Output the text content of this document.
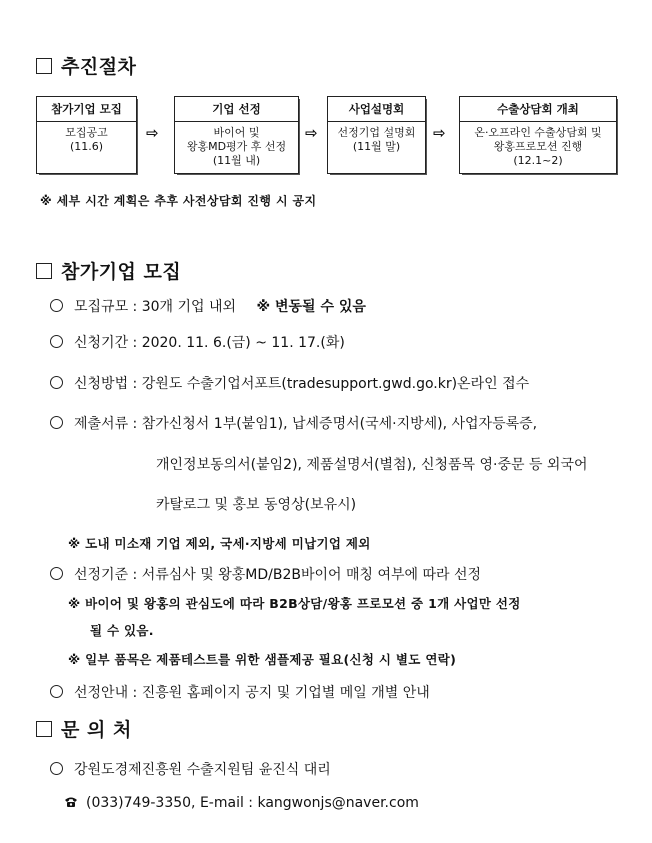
추진절차
참가기업 모집
모집공고
(11.6)
⇨
기업 선정
바이어 및
왕홍MD평가 후 선정
(11월 내)
⇨
사업설명회
선정기업 설명회
(11월 말)
⇨
수출상담회 개최
온·오프라인 수출상담회 및
왕홍프로모션 진행
(12.1~2)
※ 세부 시간 계획은 추후 사전상담회 진행 시 공지
참가기업 모집
모집규모 : 30개 기업 내외 ※ 변동될 수 있음
신청기간 : 2020. 11. 6.(금) ~ 11. 17.(화)
신청방법 : 강원도 수출기업서포트(tradesupport.gwd.go.kr)온라인 접수
제출서류 : 참가신청서 1부(붙임1), 납세증명서(국세·지방세), 사업자등록증,
개인정보동의서(붙임2), 제품설명서(별첨), 신청품목 영·중문 등 외국어
카탈로그 및 홍보 동영상(보유시)
※ 도내 미소재 기업 제외, 국세·지방세 미납기업 제외
선정기준 : 서류심사 및 왕홍MD/B2B바이어 매칭 여부에 따라 선정
※ 바이어 및 왕홍의 관심도에 따라 B2B상담/왕홍 프로모션 중 1개 사업만 선정
될 수 있음.
※ 일부 품목은 제품테스트를 위한 샘플제공 필요(신청 시 별도 연락)
선정안내 : 진흥원 홈페이지 공지 및 기업별 메일 개별 안내
문 의 처
강원도경제진흥원 수출지원팀 윤진식 대리
(033)749-3350, E-mail : kangwonjs@naver.com
